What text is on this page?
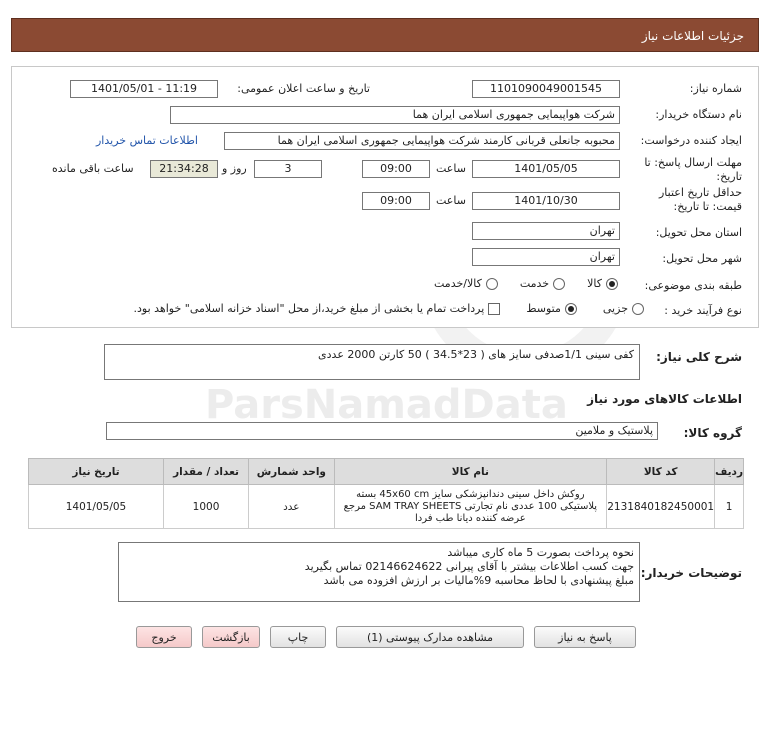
جزئیات اطلاعات نیاز
ParsNamadData
شماره نیاز:
1101090049001545
تاریخ و ساعت اعلان عمومی:
1401/05/01 - 11:19
نام دستگاه خریدار:
شرکت هواپیمایی جمهوری اسلامی ایران هما
ایجاد کننده درخواست:
محبوبه جانعلی قربانی کارمند شرکت هواپیمایی جمهوری اسلامی ایران هما
اطلاعات تماس خریدار
مهلت ارسال پاسخ: تا تاریخ:
1401/05/05
ساعت
09:00
3
روز و
21:34:28
ساعت باقی مانده
حداقل تاریخ اعتبار قیمت: تا تاریخ:
1401/10/30
ساعت
09:00
استان محل تحویل:
تهران
شهر محل تحویل:
تهران
طبقه بندی موضوعی:
کالا
خدمت
کالا/خدمت
نوع فرآیند خرید :
جزیی
متوسط
پرداخت تمام یا بخشی از مبلغ خرید،از محل "اسناد خزانه اسلامی" خواهد بود.
شرح کلی نیاز:
کفی سینی 1/1صدفی سایز های ( 23*34.5 ) 50 کارتن 2000 عددی
اطلاعات کالاهای مورد نیاز
گروه کالا:
پلاستیک و ملامین
ردیف	کد کالا	نام کالا	واحد شمارش	تعداد / مقدار	تاریخ نیاز
1	2131840182450001	روکش داخل سینی دندانپزشکی سایز 45x60 cm بسته
پلاستیکی 100 عددی نام تجارتی SAM TRAY SHEETS مرجع
عرضه کننده دیانا طب فردا	عدد	1000	1401/05/05
توضیحات خریدار:
نحوه پرداخت بصورت 5 ماه کاری میباشد
جهت کسب اطلاعات بیشتر با آقای پیرانی 02146624622 تماس بگیرید
مبلغ پیشنهادی با لحاظ محاسبه 9%مالیات بر ارزش افزوده می باشد
پاسخ به نیاز
مشاهده مدارک پیوستی (1)
چاپ
بازگشت
خروج
